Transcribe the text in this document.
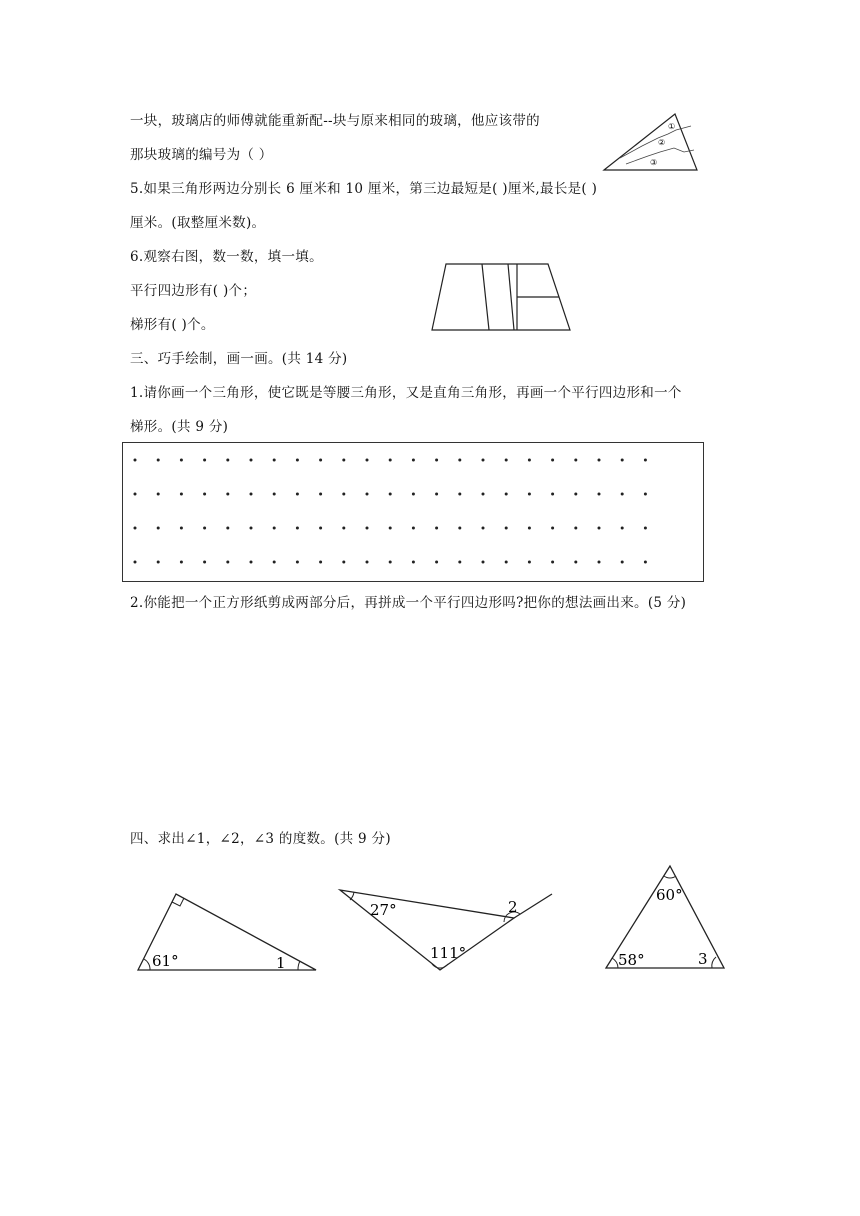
一块，玻璃店的师傅就能重新配--块与原来相同的玻璃，他应该带的
那块玻璃的编号为（ ）
①
②
③
5.如果三角形两边分别长 6 厘米和 10 厘米，第三边最短是( )厘米,最长是( )
厘米。(取整厘米数)。
6.观察右图，数一数，填一填。
平行四边形有( )个；
梯形有( )个。
三、巧手绘制，画一画。(共 14 分)
1.请你画一个三角形，使它既是等腰三角形，又是直角三角形，再画一个平行四边形和一个
梯形。(共 9 分)
2.你能把一个正方形纸剪成两部分后，再拼成一个平行四边形吗?把你的想法画出来。(5 分)
四、求出∠1，∠2，∠3 的度数。(共 9 分)
61°	1
27°
111°
2
60°
58°	3
